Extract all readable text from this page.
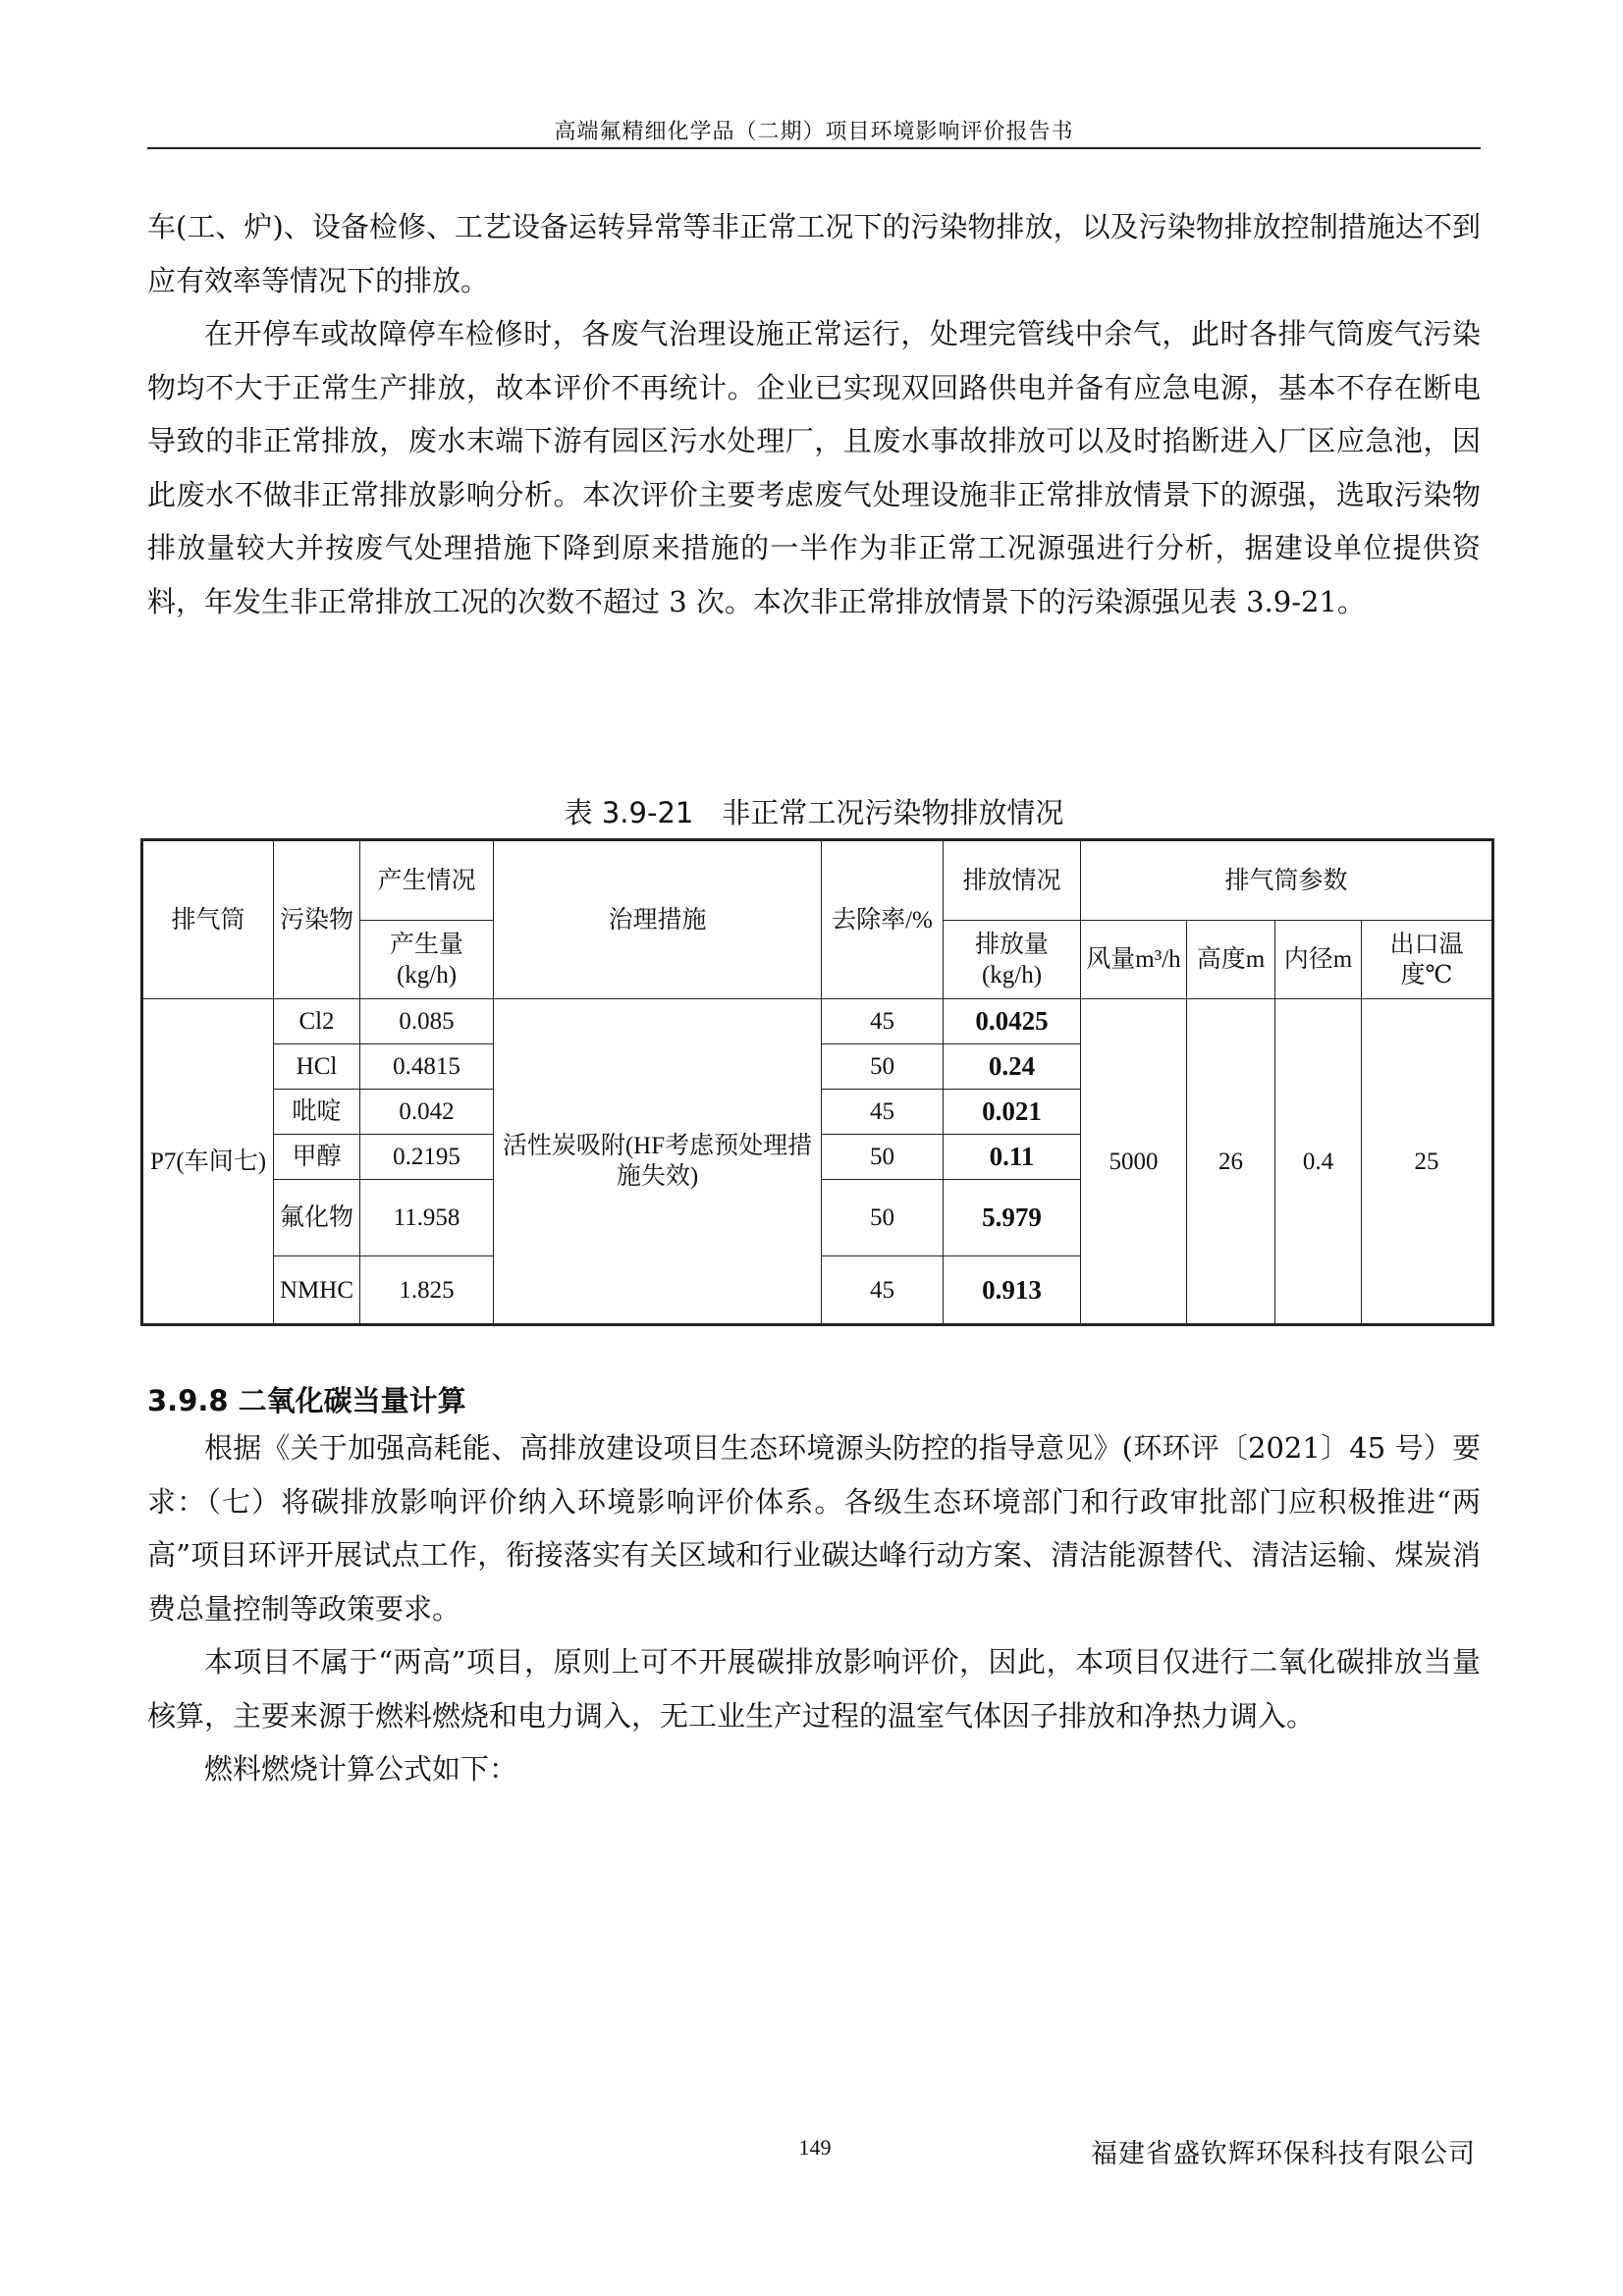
高端氟精细化学品（二期）项目环境影响评价报告书

车(工、炉)、设备检修、工艺设备运转异常等非正常工况下的污染物排放，以及污染物排放控制措施达不到应有效率等情况下的排放。

在开停车或故障停车检修时，各废气治理设施正常运行，处理完管线中余气，此时各排气筒废气污染物均不大于正常生产排放，故本评价不再统计。企业已实现双回路供电并备有应急电源，基本不存在断电导致的非正常排放，废水末端下游有园区污水处理厂，且废水事故排放可以及时掐断进入厂区应急池，因此废水不做非正常排放影响分析。本次评价主要考虑废气处理设施非正常排放情景下的源强，选取污染物排放量较大并按废气处理措施下降到原来措施的一半作为非正常工况源强进行分析，据建设单位提供资料，年发生非正常排放工况的次数不超过 3 次。本次非正常排放情景下的污染源强见表 3.9-21。

表 3.9-21　非正常工况污染物排放情况
排气筒	污染物	产生情况	治理措施	去除率/%	排放情况	排气筒参数			
		产生量(kg/h)			排放量(kg/h)	风量m³/h	高度m	内径m	出口温度℃
P7(车间七)	Cl2	0.085	活性炭吸附(HF考虑预处理措施失效)	45	0.0425	5000	26	0.4	25
	HCl	0.4815		50	0.24				
	吡啶	0.042		45	0.021				
	甲醇	0.2195		50	0.11				
	氟化物	11.958		50	5.979				
	NMHC	1.825		45	0.913				
3.9.8 二氧化碳当量计算

根据《关于加强高耗能、高排放建设项目生态环境源头防控的指导意见》(环环评〔2021〕45 号）要求：（七）将碳排放影响评价纳入环境影响评价体系。各级生态环境部门和行政审批部门应积极推进“两高”项目环评开展试点工作，衔接落实有关区域和行业碳达峰行动方案、清洁能源替代、清洁运输、煤炭消费总量控制等政策要求。

本项目不属于“两高”项目，原则上可不开展碳排放影响评价，因此，本项目仅进行二氧化碳排放当量核算，主要来源于燃料燃烧和电力调入，无工业生产过程的温室气体因子排放和净热力调入。

燃料燃烧计算公式如下：

149	福建省盛钦辉环保科技有限公司
